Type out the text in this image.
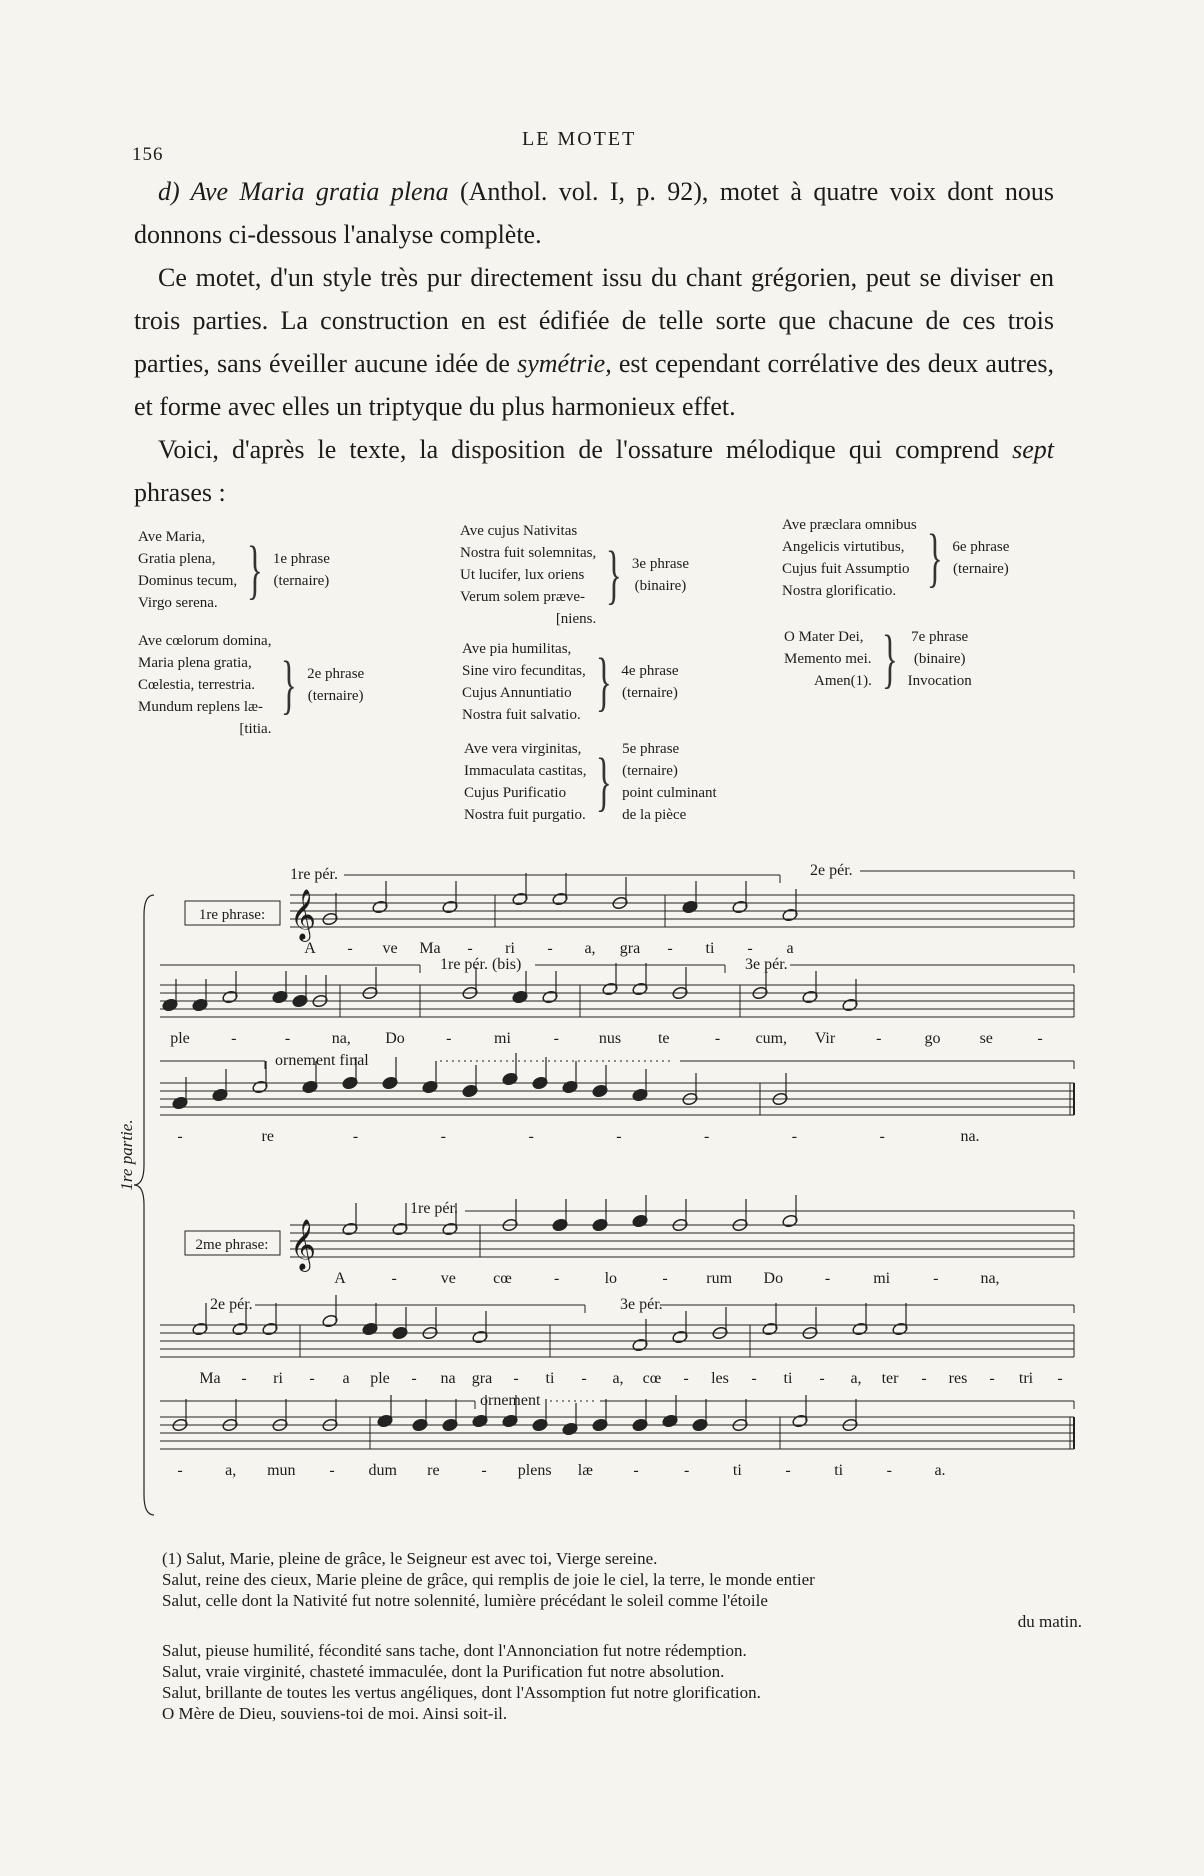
156
LE MOTET

d) Ave Maria gratia plena (Anthol. vol. I, p. 92), motet à quatre voix dont nous donnons ci-dessous l'analyse complète.

Ce motet, d'un style très pur directement issu du chant grégorien, peut se diviser en trois parties. La construction en est édifiée de telle sorte que chacune de ces trois parties, sans éveiller aucune idée de symétrie, est cependant corrélative des deux autres, et forme avec elles un triptyque du plus harmonieux effet.

Voici, d'après le texte, la disposition de l'ossature mélodique qui comprend sept phrases :

Ave Maria,
Gratia plena,
Dominus tecum,
Virgo serena. } 1e phrase
(ternaire)
Ave cœlorum domina,
Maria plena gratia,
Cœlestia, terrestria.
Mundum replens læ-
[titia.
} 2e phrase
(ternaire)
Ave cujus Nativitas
Nostra fuit solemnitas,
Ut lucifer, lux oriens
Verum solem præve-
[niens.
} 3e phrase
(binaire)
Ave pia humilitas,
Sine viro fecunditas,
Cujus Annuntiatio
Nostra fuit salvatio. } 4e phrase
(ternaire)
Ave vera virginitas,
Immaculata castitas,
Cujus Purificatio
Nostra fuit purgatio. } 5e phrase
(ternaire)
point culminant
de la pièce
Ave præclara omnibus
Angelicis virtutibus,
Cujus fuit Assumptio
Nostra glorificatio. } 6e phrase
(ternaire)
O Mater Dei,
Memento mei.
Amen(1). } 7e phrase
(binaire)
Invocation
1re pér.	2e pér.
1re phrase: 𝄞
A - ve Ma - ri - a, gra - ti - a
1re pér. (bis)	3e pér.
ple	-	-	na, Do	-	mi	- nus te	- cum, Vir	-	go se	-
ornement final
-	re	-	-	-	-	-	-	-	na.
1re pér.
2me phrase: 𝄞
A	-	ve cœ	-	lo	- rum Do	-	mi	-	na,
2e pér.	3e pér.
Ma - ri - a ple - na gra - ti - a, cœ - les - ti - a, ter - res - tri -
ornement
-	a, mun - dum re	- plens læ	-	-	ti	-	ti	-	a.
1re partie.

(1) Salut, Marie, pleine de grâce, le Seigneur est avec toi, Vierge sereine.

Salut, reine des cieux, Marie pleine de grâce, qui remplis de joie le ciel, la terre, le monde entier

Salut, celle dont la Nativité fut notre solennité, lumière précédant le soleil comme l'étoile

du matin.

Salut, pieuse humilité, fécondité sans tache, dont l'Annonciation fut notre rédemption.

Salut, vraie virginité, chasteté immaculée, dont la Purification fut notre absolution.

Salut, brillante de toutes les vertus angéliques, dont l'Assomption fut notre glorification.

O Mère de Dieu, souviens-toi de moi. Ainsi soit-il.
